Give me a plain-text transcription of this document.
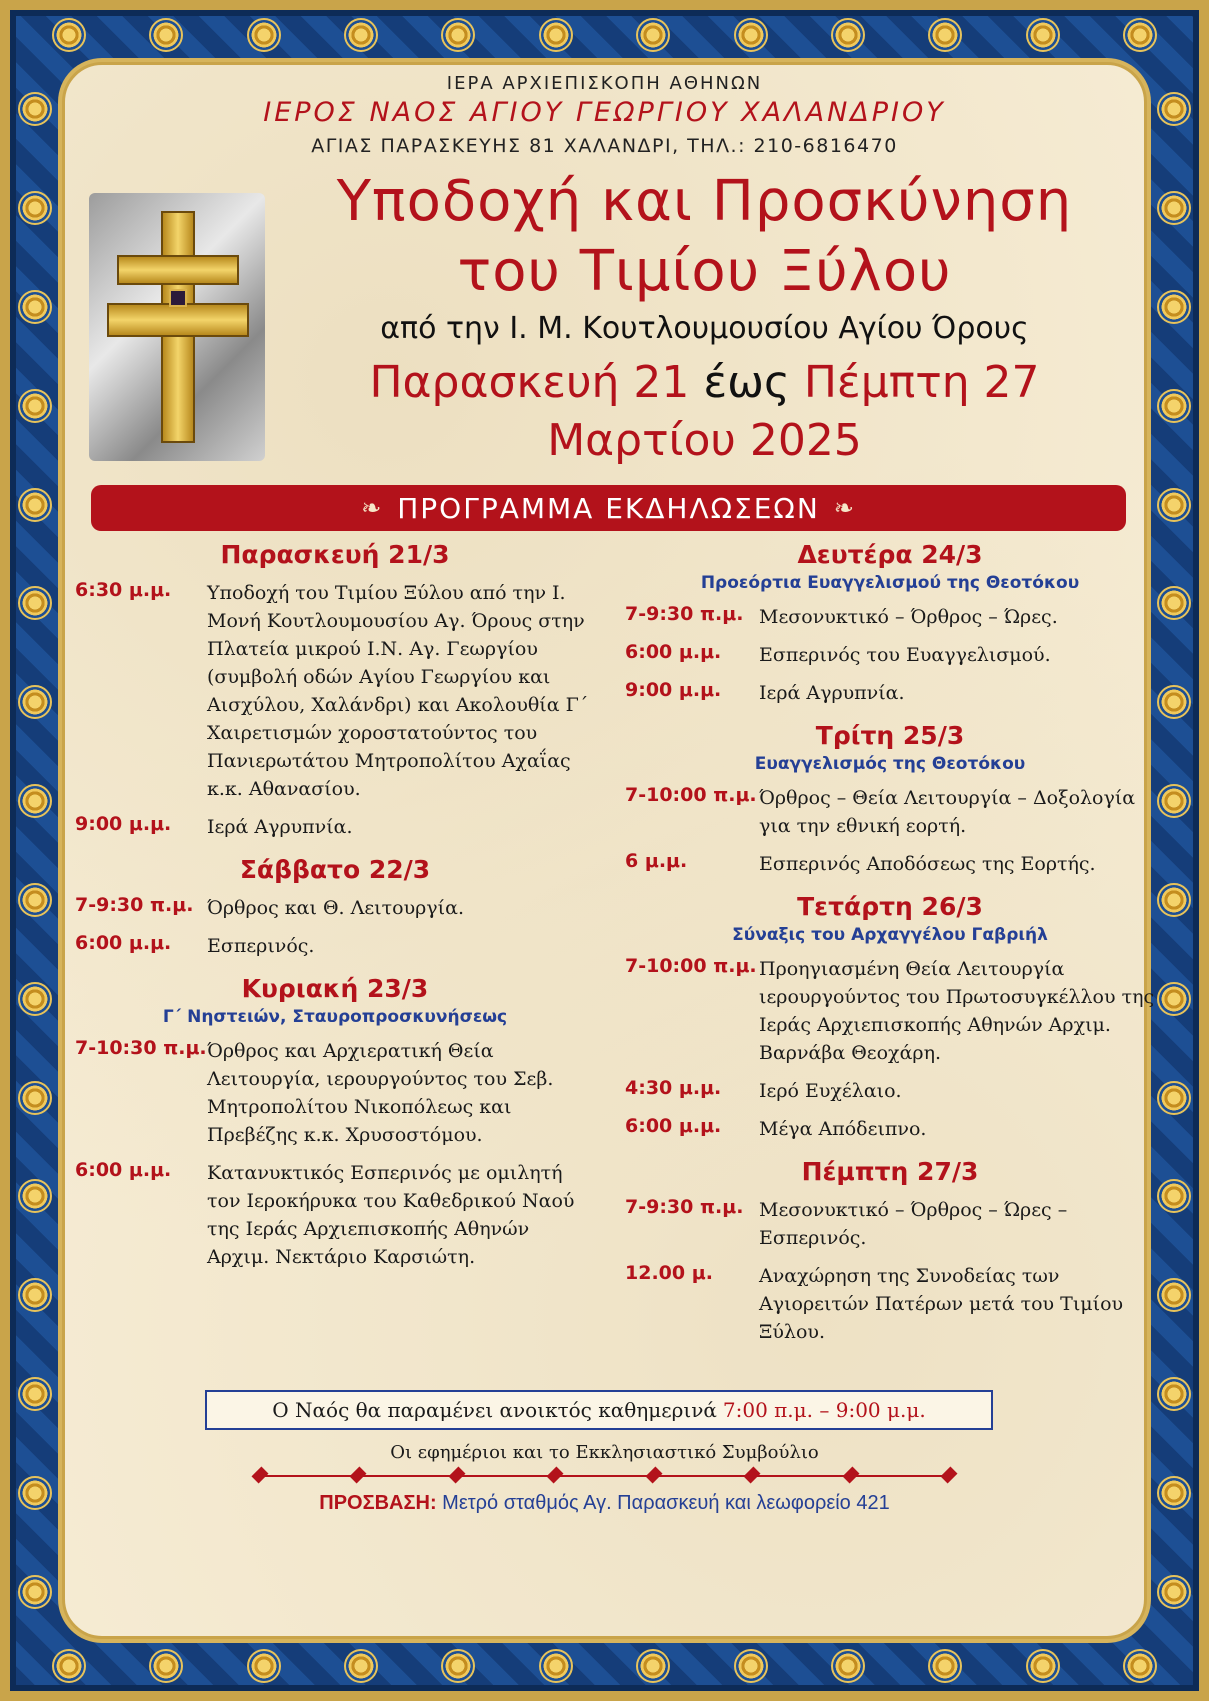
ΙΕΡΑ ΑΡΧΙΕΠΙΣΚΟΠΗ ΑΘΗΝΩΝ
ΙΕΡΟΣ ΝΑΟΣ ΑΓΙΟΥ ΓΕΩΡΓΙΟΥ ΧΑΛΑΝΔΡΙΟΥ
ΑΓΙΑΣ ΠΑΡΑΣΚΕΥΗΣ 81 ΧΑΛΑΝΔΡΙ, ΤΗΛ.: 210-6816470
Υποδοχή και Προσκύνηση
του Τιμίου Ξύλου
από την Ι. Μ. Κουτλουμουσίου Αγίου Όρους
Παρασκευή 21 έως Πέμπτη 27
Μαρτίου 2025
❧ ΠΡΟΓΡΑΜΜΑ ΕΚΔΗΛΩΣΕΩΝ ❧
Παρασκευή 21/3
6:30 μ.μ.	Υποδοχή του Τιμίου Ξύλου από την Ι. Μονή Κουτλουμουσίου Αγ. Όρους στην Πλατεία μικρού Ι.Ν. Αγ. Γεωργίου (συμβολή οδών Αγίου Γεωργίου και Αισχύλου, Χαλάνδρι) και Ακολουθία Γ΄ Χαιρετισμών χοροστατούντος του Πανιερωτάτου Μητροπολίτου Αχαΐας κ.κ. Αθανασίου.
9:00 μ.μ.	Ιερά Αγρυπνία.
Σάββατο 22/3
7-9:30 π.μ. Όρθρος και Θ. Λειτουργία.
6:00 μ.μ.	Εσπερινός.
Κυριακή 23/3
Γ΄ Νηστειών, Σταυροπροσκυνήσεως
7-10:30 π.μ. Όρθρος και Αρχιερατική Θεία Λειτουργία, ιερουργούντος του Σεβ. Μητροπολίτου Νικοπόλεως και Πρεβέζης κ.κ. Χρυσοστόμου.
6:00 μ.μ.	Κατανυκτικός Εσπερινός με ομιλητή τον Ιεροκήρυκα του Καθεδρικού Ναού της Ιεράς Αρχιεπισκοπής Αθηνών Αρχιμ. Νεκτάριο Καρσιώτη.
Δευτέρα 24/3
Προεόρτια Ευαγγελισμού της Θεοτόκου
7-9:30 π.μ. Μεσονυκτικό – Όρθρος – Ώρες.
6:00 μ.μ.	Εσπερινός του Ευαγγελισμού.
9:00 μ.μ.	Ιερά Αγρυπνία.
Τρίτη 25/3
Ευαγγελισμός της Θεοτόκου
7-10:00 π.μ. Όρθρος – Θεία Λειτουργία – Δοξολογία για την εθνική εορτή.
6 μ.μ.	Εσπερινός Αποδόσεως της Εορτής.
Τετάρτη 26/3
Σύναξις του Αρχαγγέλου Γαβριήλ
7-10:00 π.μ. Προηγιασμένη Θεία Λειτουργία ιερουργούντος του Πρωτοσυγκέλλου της Ιεράς Αρχιεπισκοπής Αθηνών Αρχιμ. Βαρνάβα Θεοχάρη.
4:30 μ.μ.	Ιερό Ευχέλαιο.
6:00 μ.μ.	Μέγα Απόδειπνο.
Πέμπτη 27/3
7-9:30 π.μ. Μεσονυκτικό – Όρθρος – Ώρες – Εσπερινός.
12.00 μ.	Αναχώρηση της Συνοδείας των Αγιορειτών Πατέρων μετά του Τιμίου Ξύλου.
Ο Ναός θα παραμένει ανοικτός καθημερινά 7:00 π.μ. – 9:00 μ.μ.
Οι εφημέριοι και το Εκκλησιαστικό Συμβούλιο
ΠΡΟΣΒΑΣΗ: Μετρό σταθμός Αγ. Παρασκευή και λεωφορείο 421
